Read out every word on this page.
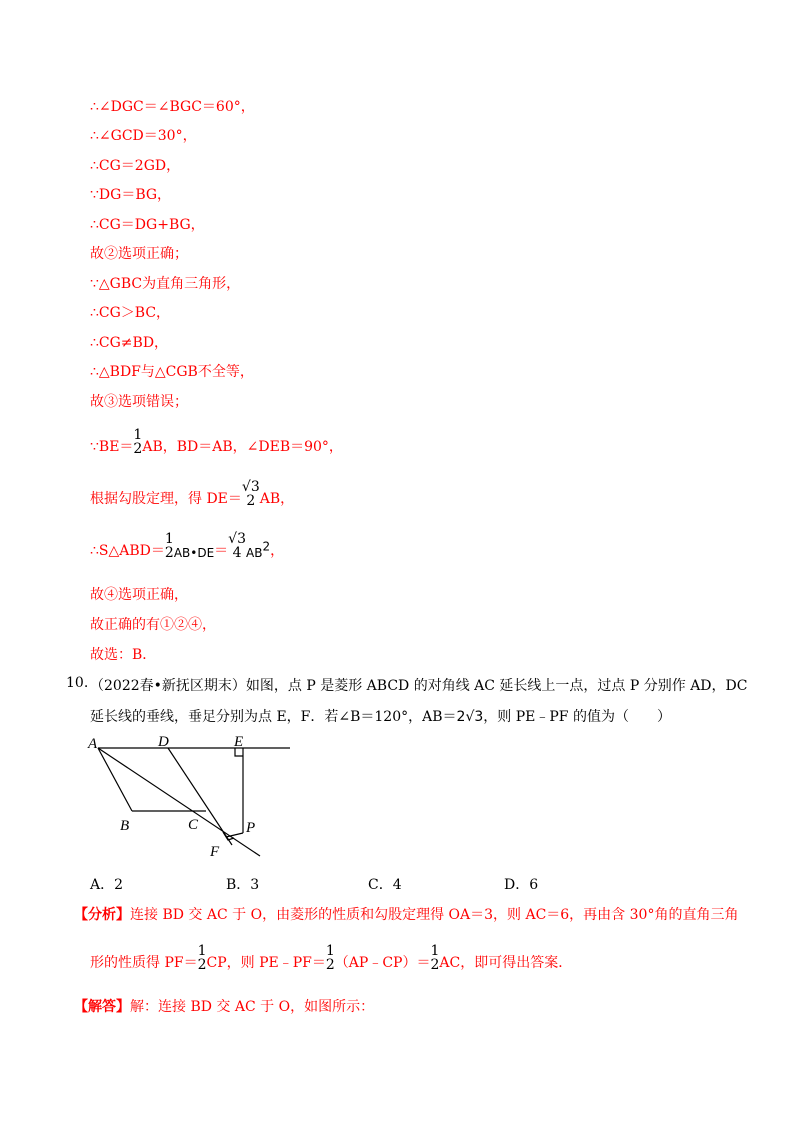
∴∠DGC＝∠BGC＝60°，
∴∠GCD＝30°，
∴CG＝2GD，
∵DG＝BG，
∴CG＝DG+BG，
故②选项正确；
∵△GBC为直角三角形，
∴CG＞BC，
∴CG≠BD，
∴△BDF与△CGB不全等，
故③选项错误；
∵BE＝
1
2 AB，BD＝AB，∠DEB＝90°，
根据勾股定理，得 DE＝
√3
2 AB，
∴S△ABD＝
1
2 AB•DE＝
√3
4 $AB^2$，
故④选项正确，
故正确的有①②④，
故选：B．
10. （2022春•新抚区期末）如图，点 P 是菱形 ABCD 的对角线 AC 延长线上一点，过点 P 分别作 AD，DC
延长线的垂线，垂足分别为点 E，F．若∠B＝120°，AB＝2√3，则 PE﹣PF 的值为（　　）
A	D	E
B	C	P
F
A．2	B．3	C．4	D．6
【分析】连接 BD 交 AC 于 O，由菱形的性质和勾股定理得 OA＝3，则 AC＝6，再由含 30°角的直角三角
形的性质得 PF＝
1
2 CP，则 PE﹣PF＝
1
2 （AP﹣CP）＝
1
2 AC，即可得出答案．
【解答】解：连接 BD 交 AC 于 O，如图所示：
